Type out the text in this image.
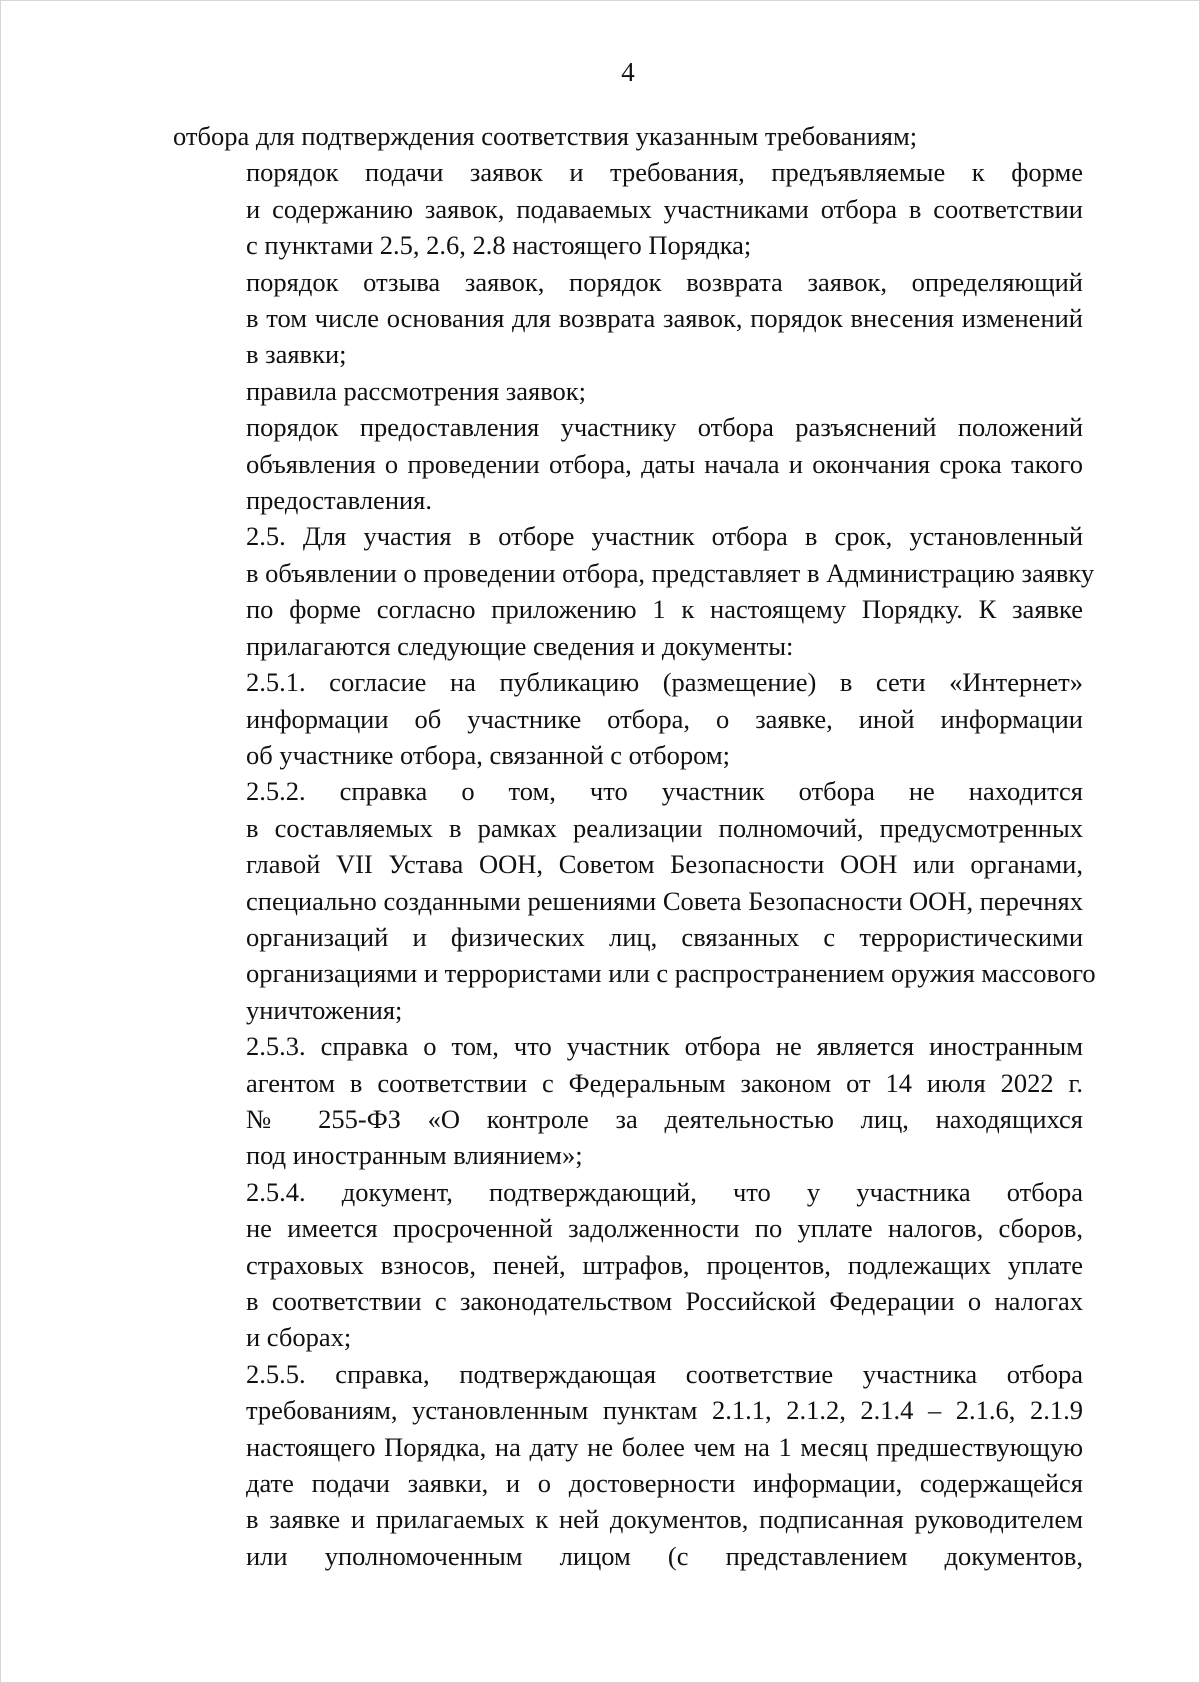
4

отбора для подтверждения соответствия указанным требованиям;

порядок подачи заявок и требования, предъявляемые к форме
и содержанию заявок, подаваемых участниками отбора в соответствии
с пунктами 2.5, 2.6, 2.8 настоящего Порядка;

порядок отзыва заявок, порядок возврата заявок, определяющий
в том числе основания для возврата заявок, порядок внесения изменений
в заявки;

правила рассмотрения заявок;

порядок предоставления участнику отбора разъяснений положений
объявления о проведении отбора, даты начала и окончания срока такого
предоставления.

2.5. Для участия в отборе участник отбора в срок, установленный
в объявлении о проведении отбора, представляет в Администрацию заявку
по форме согласно приложению 1 к настоящему Порядку. К заявке
прилагаются следующие сведения и документы:

2.5.1. согласие на публикацию (размещение) в сети «Интернет»
информации об участнике отбора, о заявке, иной информации
об участнике отбора, связанной с отбором;

2.5.2. справка о том, что участник отбора не находится
в составляемых в рамках реализации полномочий, предусмотренных
главой VII Устава ООН, Советом Безопасности ООН или органами,
специально созданными решениями Совета Безопасности ООН, перечнях
организаций и физических лиц, связанных с террористическими
организациями и террористами или с распространением оружия массового
уничтожения;

2.5.3. справка о том, что участник отбора не является иностранным
агентом в соответствии с Федеральным законом от 14 июля 2022 г.
№ 255-ФЗ «О контроле за деятельностью лиц, находящихся
под иностранным влиянием»;

2.5.4. документ, подтверждающий, что у участника отбора
не имеется просроченной задолженности по уплате налогов, сборов,
страховых взносов, пеней, штрафов, процентов, подлежащих уплате
в соответствии с законодательством Российской Федерации о налогах
и сборах;

2.5.5. справка, подтверждающая соответствие участника отбора
требованиям, установленным пунктам 2.1.1, 2.1.2, 2.1.4 – 2.1.6, 2.1.9
настоящего Порядка, на дату не более чем на 1 месяц предшествующую
дате подачи заявки, и о достоверности информации, содержащейся
в заявке и прилагаемых к ней документов, подписанная руководителем
или уполномоченным лицом (с представлением документов,
